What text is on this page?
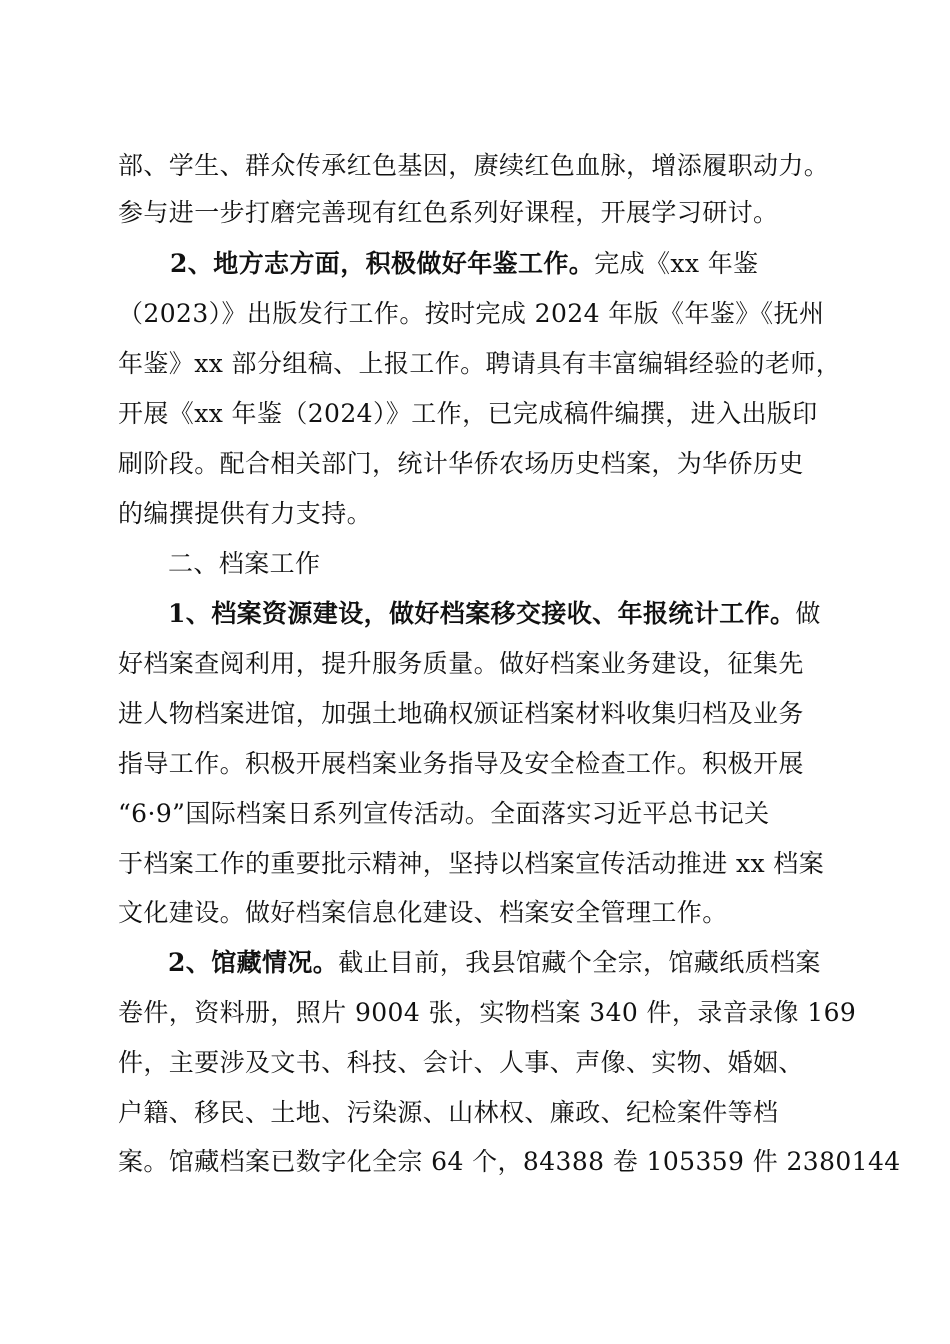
部、学生、群众传承红色基因，赓续红色血脉，增添履职动力。
参与进一步打磨完善现有红色系列好课程，开展学习研讨。
2、地方志方面，积极做好年鉴工作。完成《xx 年鉴
（2023）》出版发行工作。按时完成 2024 年版《年鉴》《抚州
年鉴》xx 部分组稿、上报工作。聘请具有丰富编辑经验的老师，
开展《xx 年鉴（2024）》工作，已完成稿件编撰，进入出版印
刷阶段。配合相关部门，统计华侨农场历史档案，为华侨历史
的编撰提供有力支持。
二、档案工作
1、档案资源建设，做好档案移交接收、年报统计工作。做
好档案查阅利用，提升服务质量。做好档案业务建设，征集先
进人物档案进馆，加强土地确权颁证档案材料收集归档及业务
指导工作。积极开展档案业务指导及安全检查工作。积极开展
“6·9”国际档案日系列宣传活动。全面落实习近平总书记关
于档案工作的重要批示精神，坚持以档案宣传活动推进 xx 档案
文化建设。做好档案信息化建设、档案安全管理工作。
2、馆藏情况。截止目前，我县馆藏个全宗，馆藏纸质档案
卷件，资料册，照片 9004 张，实物档案 340 件，录音录像 169
件，主要涉及文书、科技、会计、人事、声像、实物、婚姻、
户籍、移民、土地、污染源、山林权、廉政、纪检案件等档
案。馆藏档案已数字化全宗 64 个，84388 卷 105359 件 2380144
